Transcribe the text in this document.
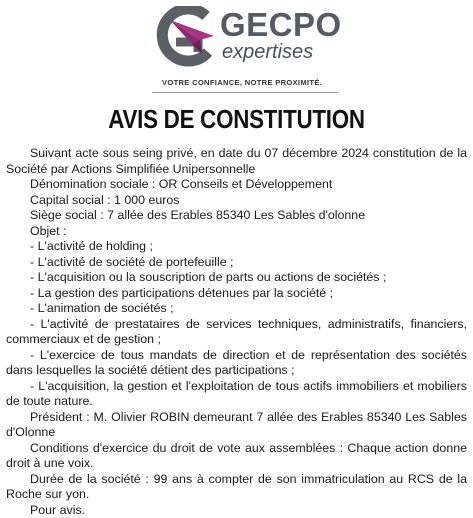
GECPO
expertises
VOTRE CONFIANCE, NOTRE PROXIMITÉ.
AVIS DE CONSTITUTION

Suivant acte sous seing privé, en date du 07 décembre 2024 constitution de la Société par Actions Simplifiée Unipersonnelle

Dénomination sociale : OR Conseils et Développement

Capital social : 1 000 euros

Siège social : 7 allée des Erables 85340 Les Sables d'olonne

Objet :

- L'activité de holding ;

- L'activité de société de portefeuille ;

- L'acquisition ou la souscription de parts ou actions de sociétés ;

- La gestion des participations détenues par la société ;

- L'animation de sociétés ;

- L'activité de prestataires de services techniques, administratifs, financiers, commerciaux et de gestion ;

- L'exercice de tous mandats de direction et de représentation des sociétés dans lesquelles la société détient des participations ;

- L'acquisition, la gestion et l'exploitation de tous actifs immobiliers et mobiliers de toute nature.

Président : M. Olivier ROBIN demeurant 7 allée des Erables 85340 Les Sables d'Olonne

Conditions d'exercice du droit de vote aux assemblées : Chaque action donne droit à une voix.

Durée de la société : 99 ans à compter de son immatriculation au RCS de la Roche sur yon.

Pour avis.
